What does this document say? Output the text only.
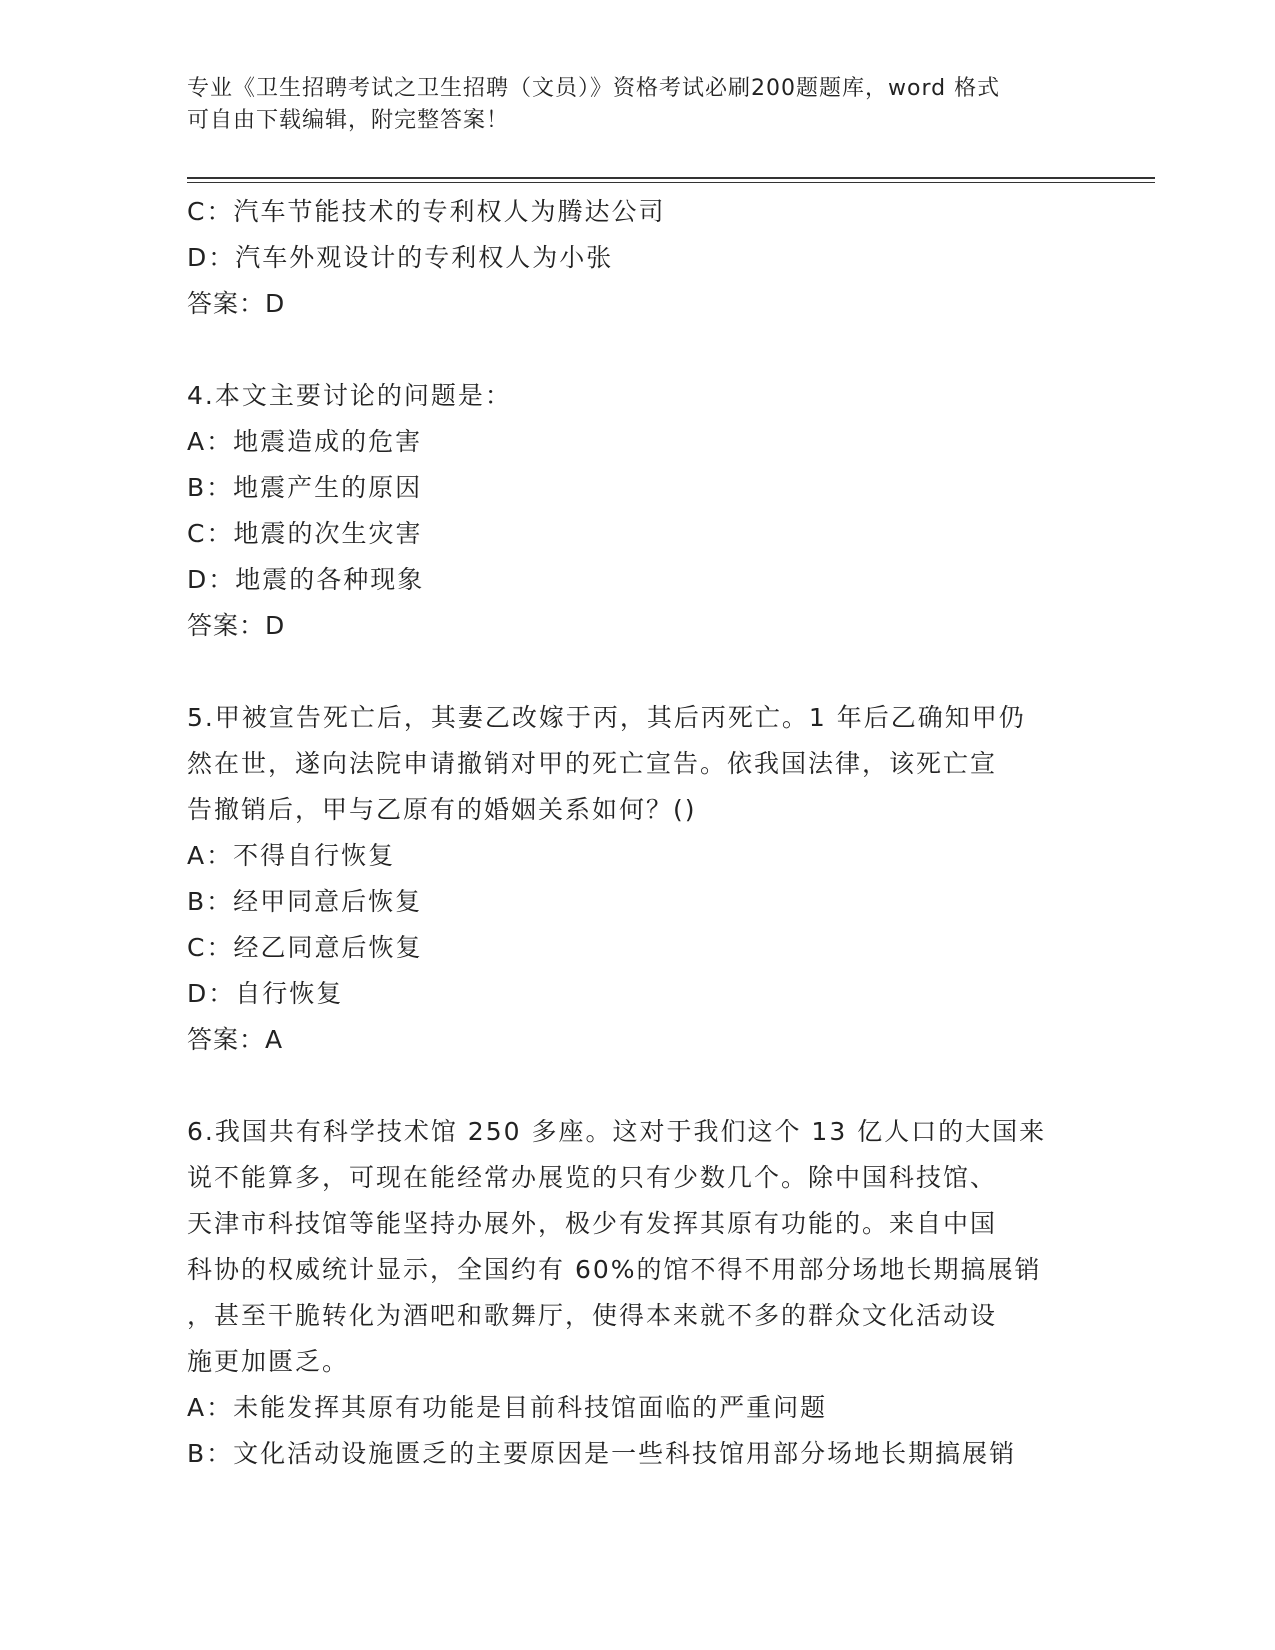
专业《卫生招聘考试之卫生招聘（文员）》资格考试必刷200题题库，word 格式
可自由下载编辑，附完整答案！
C：汽车节能技术的专利权人为腾达公司
D：汽车外观设计的专利权人为小张
答案：D
4.本文主要讨论的问题是：
A：地震造成的危害
B：地震产生的原因
C：地震的次生灾害
D：地震的各种现象
答案：D
5.甲被宣告死亡后，其妻乙改嫁于丙，其后丙死亡。1 年后乙确知甲仍
然在世，遂向法院申请撤销对甲的死亡宣告。依我国法律，该死亡宣
告撤销后，甲与乙原有的婚姻关系如何？()
A：不得自行恢复
B：经甲同意后恢复
C：经乙同意后恢复
D：自行恢复
答案：A
6.我国共有科学技术馆 250 多座。这对于我们这个 13 亿人口的大国来
说不能算多，可现在能经常办展览的只有少数几个。除中国科技馆、
天津市科技馆等能坚持办展外，极少有发挥其原有功能的。来自中国
科协的权威统计显示，全国约有 60%的馆不得不用部分场地长期搞展销
，甚至干脆转化为酒吧和歌舞厅，使得本来就不多的群众文化活动设
施更加匮乏。
A：未能发挥其原有功能是目前科技馆面临的严重问题
B：文化活动设施匮乏的主要原因是一些科技馆用部分场地长期搞展销
